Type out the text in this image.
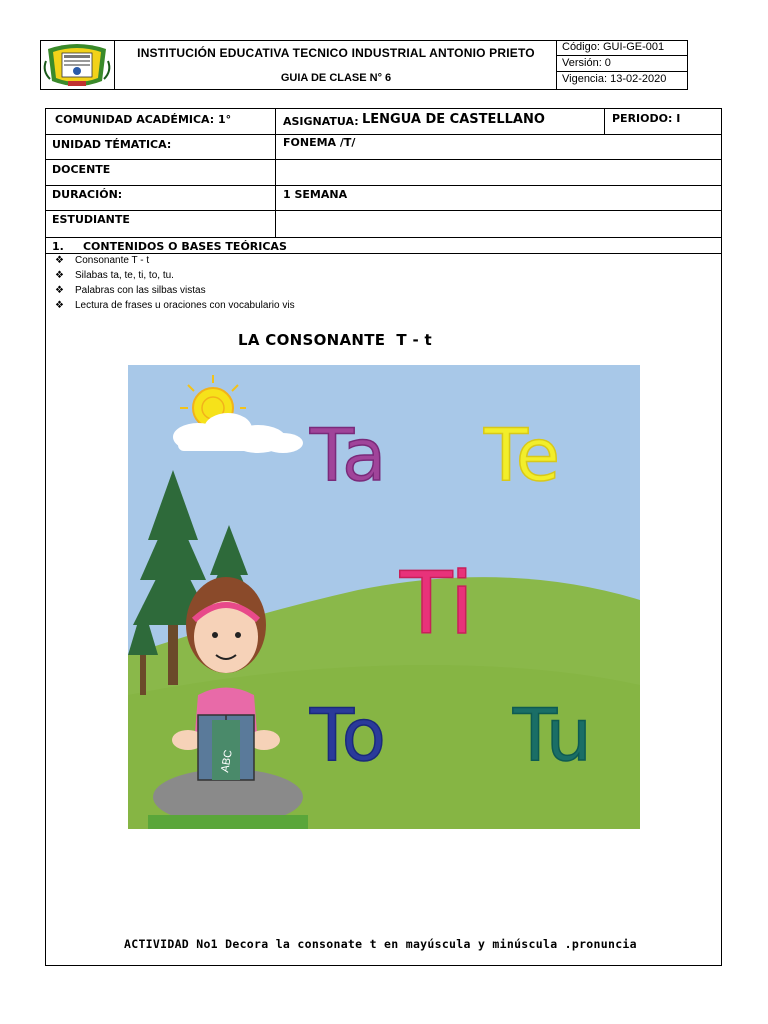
INSTITUCIÓN EDUCATIVA TECNICO INDUSTRIAL ANTONIO PRIETO
GUIA DE CLASE N° 6
Código: GUI-GE-001
Versión: 0
Vigencia: 13-02-2020
COMUNIDAD ACADÉMICA: 1°	ASIGNATUA: LENGUA DE CASTELLANO	PERIODO: I
UNIDAD TÉMATICA:	FONEMA /T/
DOCENTE
DURACIÓN:	1 SEMANA
ESTUDIANTE
1.     CONTENIDOS O BASES TEÓRICAS
❖	Consonante T - t
❖	Silabas ta, te, ti, to, tu.
❖	Palabras con las silbas vistas
❖	Lectura de frases u oraciones con vocabulario vis
LA CONSONANTE  T - t
ABC
Ta Te
Ti
To Tu
ACTIVIDAD No1 Decora la consonate t en mayúscula y minúscula .pronuncia
